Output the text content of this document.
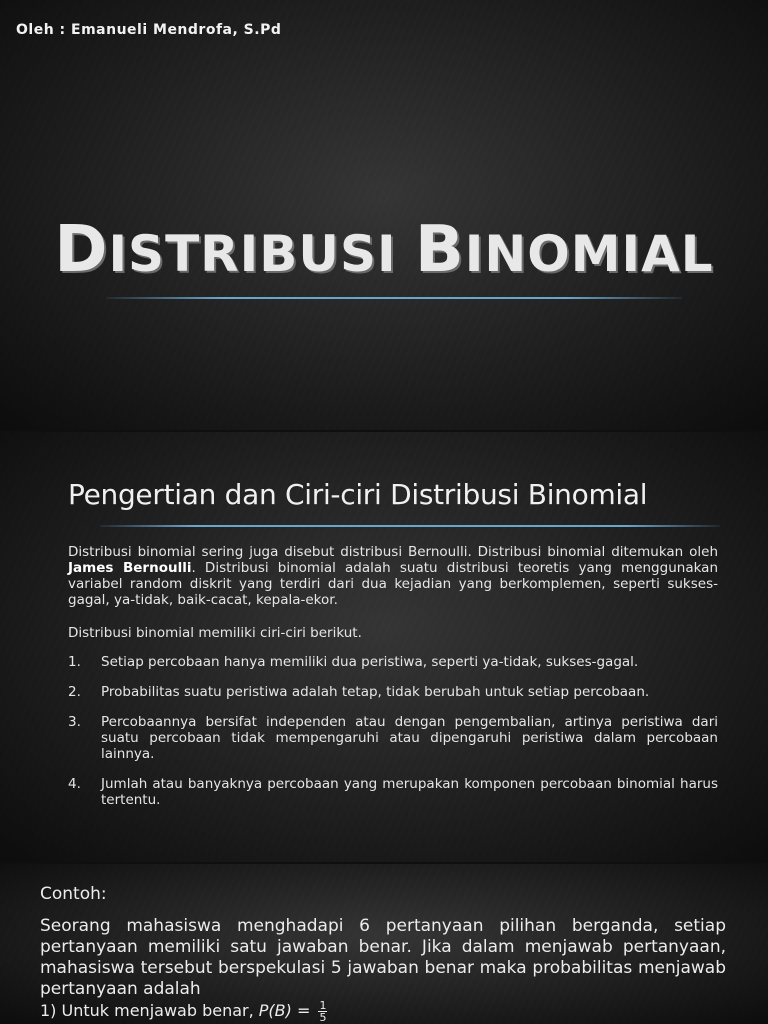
Oleh : Emanueli Mendrofa, S.Pd
DISTRIBUSI BINOMIAL
Pengertian dan Ciri-ciri Distribusi Binomial
Distribusi binomial sering juga disebut distribusi Bernoulli. Distribusi binomial ditemukan oleh James Bernoulli. Distribusi binomial adalah suatu distribusi teoretis yang menggunakan variabel random diskrit yang terdiri dari dua kejadian yang berkomplemen, seperti sukses-gagal, ya-tidak, baik-cacat, kepala-ekor.
Distribusi binomial memiliki ciri-ciri berikut.
1. Setiap percobaan hanya memiliki dua peristiwa, seperti ya-tidak, sukses-gagal.
2. Probabilitas suatu peristiwa adalah tetap, tidak berubah untuk setiap percobaan.
3. Percobaannya bersifat independen atau dengan pengembalian, artinya peristiwa dari suatu percobaan tidak mempengaruhi atau dipengaruhi peristiwa dalam percobaan lainnya.
4. Jumlah atau banyaknya percobaan yang merupakan komponen percobaan binomial harus tertentu.
Contoh:
Seorang mahasiswa menghadapi 6 pertanyaan pilihan berganda, setiap pertanyaan memiliki satu jawaban benar. Jika dalam menjawab pertanyaan, mahasiswa tersebut berspekulasi 5 jawaban benar maka probabilitas menjawab pertanyaan adalah
1) Untuk menjawab benar, $P(B) = \frac{1}{5}$
